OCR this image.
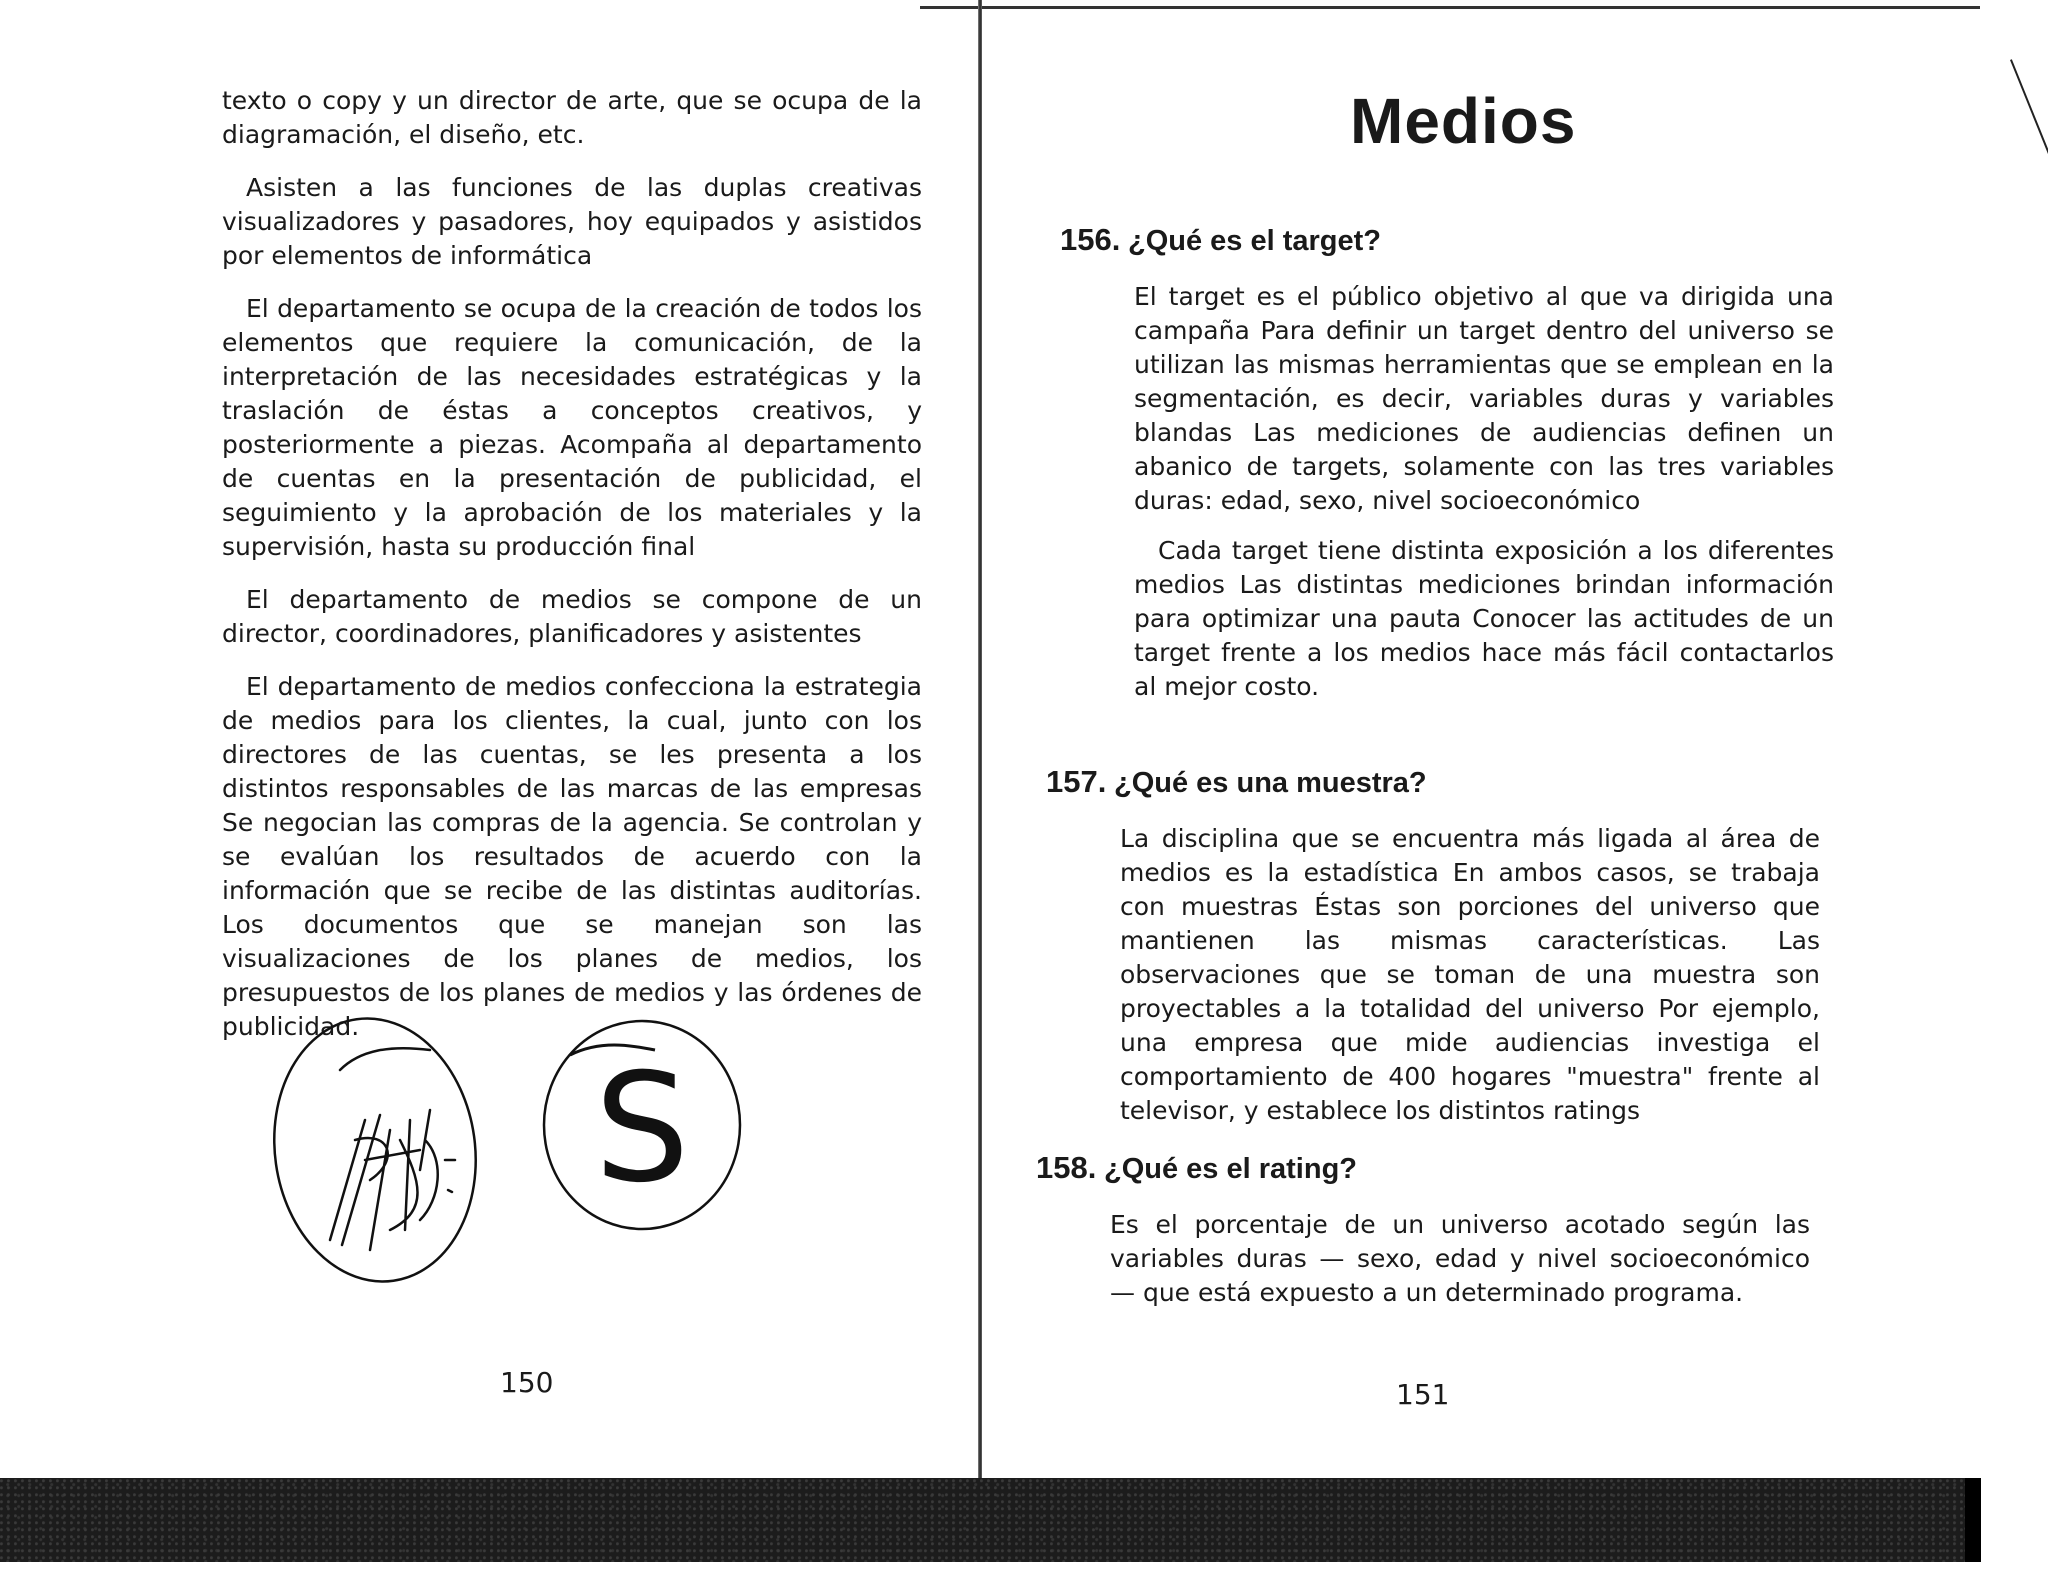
texto o copy y un director de arte, que se ocupa de la diagramación, el diseño, etc.

Asisten a las funciones de las duplas creativas visualizadores y pasadores, hoy equipados y asistidos por elementos de informática

El departamento se ocupa de la creación de todos los elementos que requiere la comunicación, de la interpretación de las necesidades estratégicas y la traslación de éstas a conceptos creativos, y posteriormente a piezas. Acompaña al departamento de cuentas en la presentación de publicidad, el seguimiento y la aprobación de los materiales y la supervisión, hasta su producción final

El departamento de medios se compone de un director, coordinadores, planificadores y asistentes

El departamento de medios confecciona la estrategia de medios para los clientes, la cual, junto con los directores de las cuentas, se les presenta a los distintos responsables de las marcas de las empresas Se negocian las compras de la agencia. Se controlan y se evalúan los resultados de acuerdo con la información que se recibe de las distintas auditorías. Los documentos que se manejan son las visualizaciones de los planes de medios, los presupuestos de los planes de medios y las órdenes de publicidad.

S
150
Medios
156. ¿Qué es el target?

El target es el público objetivo al que va dirigida una campaña Para definir un target dentro del universo se utilizan las mismas herramientas que se emplean en la segmentación, es decir, variables duras y variables blandas Las mediciones de audiencias definen un abanico de targets, solamente con las tres variables duras: edad, sexo, nivel socioeconómico

Cada target tiene distinta exposición a los diferentes medios Las distintas mediciones brindan información para optimizar una pauta Conocer las actitudes de un target frente a los medios hace más fácil contactarlos al mejor costo.

157. ¿Qué es una muestra?

La disciplina que se encuentra más ligada al área de medios es la estadística En ambos casos, se trabaja con muestras Éstas son porciones del universo que mantienen las mismas características. Las observaciones que se toman de una muestra son proyectables a la totalidad del universo Por ejemplo, una empresa que mide audiencias investiga el comportamiento de 400 hogares "muestra" frente al televisor, y establece los distintos ratings

158. ¿Qué es el rating?

Es el porcentaje de un universo acotado según las variables duras — sexo, edad y nivel socioeconómico — que está expuesto a un determinado programa.

151
